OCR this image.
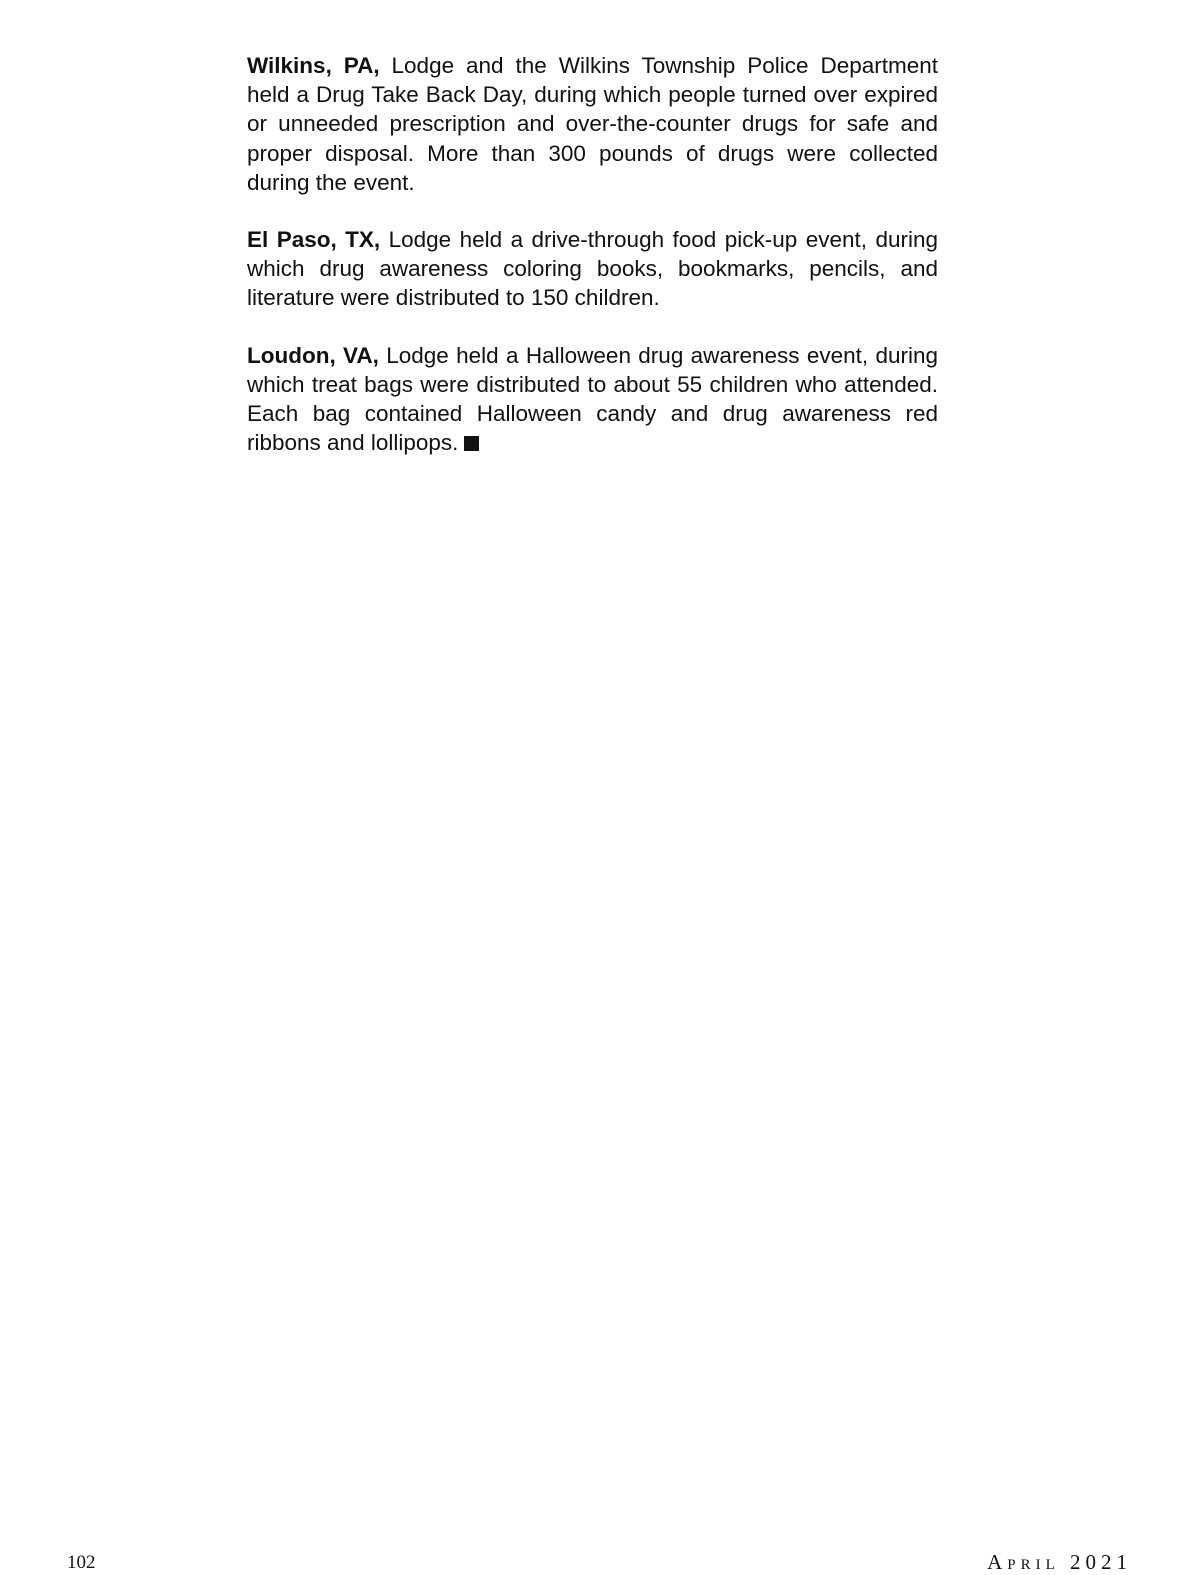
Wilkins, PA, Lodge and the Wilkins Township Police Department held a Drug Take Back Day, during which people turned over expired or unneeded prescription and over-the-counter drugs for safe and proper disposal. More than 300 pounds of drugs were collected during the event.

El Paso, TX, Lodge held a drive-through food pick-up event, during which drug awareness coloring books, bookmarks, pencils, and literature were distributed to 150 children.

Loudon, VA, Lodge held a Halloween drug awareness event, during which treat bags were distributed to about 55 children who attended. Each bag contained Halloween candy and drug awareness red ribbons and lollipops.

102	April 2021
